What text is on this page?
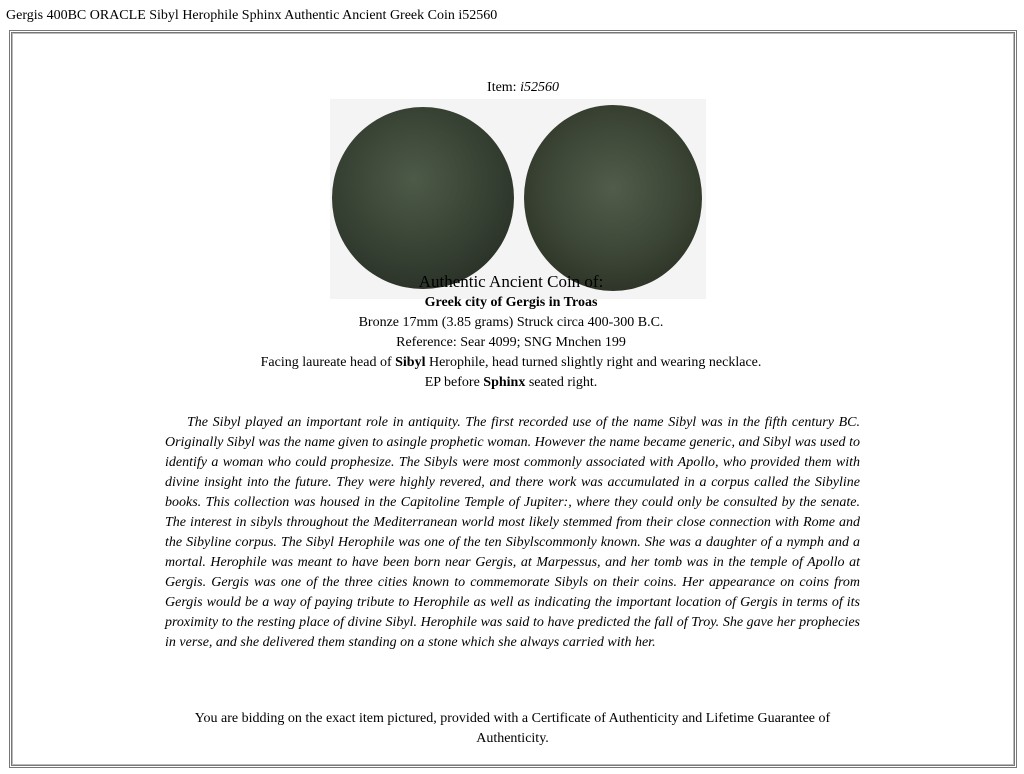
Gergis 400BC ORACLE Sibyl Herophile Sphinx Authentic Ancient Greek Coin i52560
Item: i52560
Authentic Ancient Coin of:
Greek city of Gergis in Troas
Bronze 17mm (3.85 grams) Struck circa 400-300 B.C.
Reference: Sear 4099; SNG Mnchen 199
Facing laureate head of Sibyl Herophile, head turned slightly right and wearing necklace.
EP before Sphinx seated right.
The Sibyl played an important role in antiquity. The first recorded use of the name Sibyl was in the fifth century BC. Originally Sibyl was the name given to asingle prophetic woman. However the name became generic, and Sibyl was used to identify a woman who could prophesize. The Sibyls were most commonly associated with Apollo, who provided them with divine insight into the future. They were highly revered, and there work was accumulated in a corpus called the Sibyline books. This collection was housed in the Capitoline Temple of Jupiter:, where they could only be consulted by the senate. The interest in sibyls throughout the Mediterranean world most likely stemmed from their close connection with Rome and the Sibyline corpus. The Sibyl Herophile was one of the ten Sibylscommonly known. She was a daughter of a nymph and a mortal. Herophile was meant to have been born near Gergis, at Marpessus, and her tomb was in the temple of Apollo at Gergis. Gergis was one of the three cities known to commemorate Sibyls on their coins. Her appearance on coins from Gergis would be a way of paying tribute to Herophile as well as indicating the important location of Gergis in terms of its proximity to the resting place of divine Sibyl. Herophile was said to have predicted the fall of Troy. She gave her prophecies in verse, and she delivered them standing on a stone which she always carried with her.
You are bidding on the exact item pictured, provided with a Certificate of Authenticity and Lifetime Guarantee of Authenticity.
